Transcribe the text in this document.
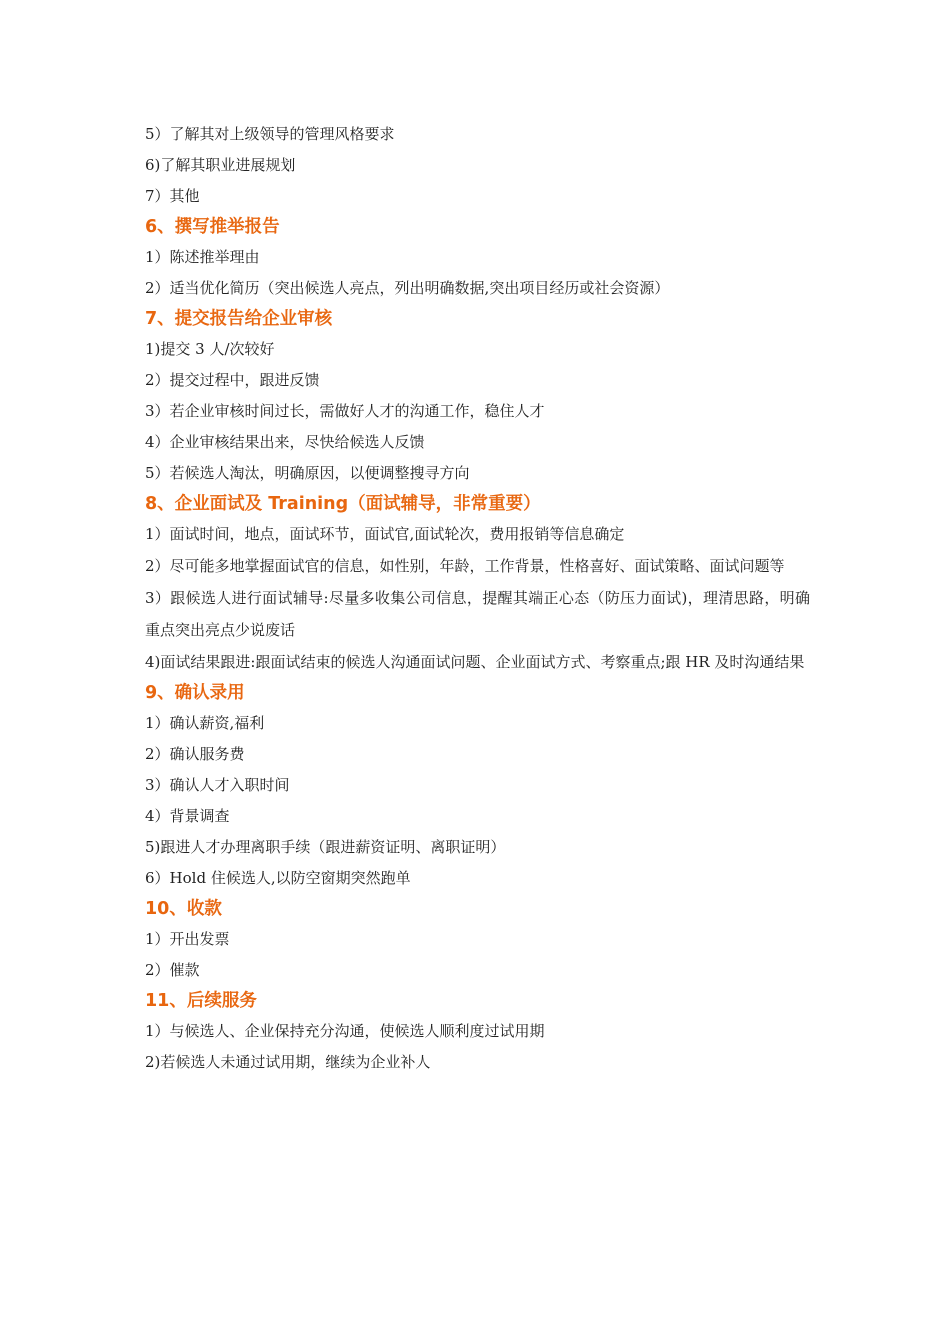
5）了解其对上级领导的管理风格要求

6)了解其职业进展规划

7）其他

6、撰写推举报告

1）陈述推举理由

2）适当优化简历（突出候选人亮点，列出明确数据,突出项目经历或社会资源）

7、提交报告给企业审核

1)提交 3 人/次较好

2）提交过程中，跟进反馈

3）若企业审核时间过长，需做好人才的沟通工作，稳住人才

4）企业审核结果出来，尽快给候选人反馈

5）若候选人淘汰，明确原因，以便调整搜寻方向

8、企业面试及 Training（面试辅导，非常重要）

1）面试时间，地点，面试环节，面试官,面试轮次，费用报销等信息确定

2）尽可能多地掌握面试官的信息，如性别，年龄，工作背景，性格喜好、面试策略、面试问题等

3）跟候选人进行面试辅导:尽量多收集公司信息，提醒其端正心态（防压力面试)，理清思路，明确重点突出亮点少说废话

4)面试结果跟进:跟面试结束的候选人沟通面试问题、企业面试方式、考察重点;跟 HR 及时沟通结果

9、确认录用

1）确认薪资,福利

2）确认服务费

3）确认人才入职时间

4）背景调查

5)跟进人才办理离职手续（跟进薪资证明、离职证明）

6）Hold 住候选人,以防空窗期突然跑单

10、收款

1）开出发票

2）催款

11、后续服务

1）与候选人、企业保持充分沟通，使候选人顺利度过试用期

2)若候选人未通过试用期，继续为企业补人
